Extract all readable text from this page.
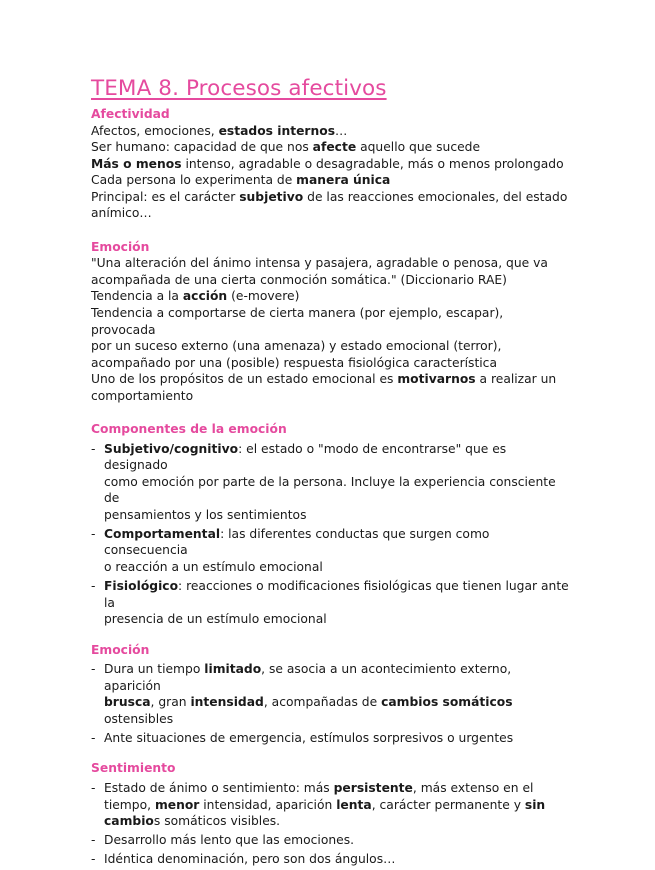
TEMA 8. Procesos afectivos
Afectividad
Afectos, emociones, estados internos…
Ser humano: capacidad de que nos afecte aquello que sucede
Más o menos intenso, agradable o desagradable, más o menos prolongado
Cada persona lo experimenta de manera única
Principal: es el carácter subjetivo de las reacciones emocionales, del estado
anímico…
Emoción
"Una alteración del ánimo intensa y pasajera, agradable o penosa, que va
acompañada de una cierta conmoción somática." (Diccionario RAE)
Tendencia a la acción (e-movere)
Tendencia a comportarse de cierta manera (por ejemplo, escapar), provocada
por un suceso externo (una amenaza) y estado emocional (terror),
acompañado por una (posible) respuesta fisiológica característica
Uno de los propósitos de un estado emocional es motivarnos a realizar un
comportamiento
Componentes de la emoción
- Subjetivo/cognitivo: el estado o "modo de encontrarse" que es designado
como emoción por parte de la persona. Incluye la experiencia consciente de
pensamientos y los sentimientos
- Comportamental: las diferentes conductas que surgen como consecuencia
o reacción a un estímulo emocional
- Fisiológico: reacciones o modificaciones fisiológicas que tienen lugar ante la
presencia de un estímulo emocional
Emoción
- Dura un tiempo limitado, se asocia a un acontecimiento externo, aparición
brusca, gran intensidad, acompañadas de cambios somáticos
ostensibles
- Ante situaciones de emergencia, estímulos sorpresivos o urgentes
Sentimiento
- Estado de ánimo o sentimiento: más persistente, más extenso en el
tiempo, menor intensidad, aparición lenta, carácter permanente y sin
cambios somáticos visibles.
- Desarrollo más lento que las emociones.
- Idéntica denominación, pero son dos ángulos…
